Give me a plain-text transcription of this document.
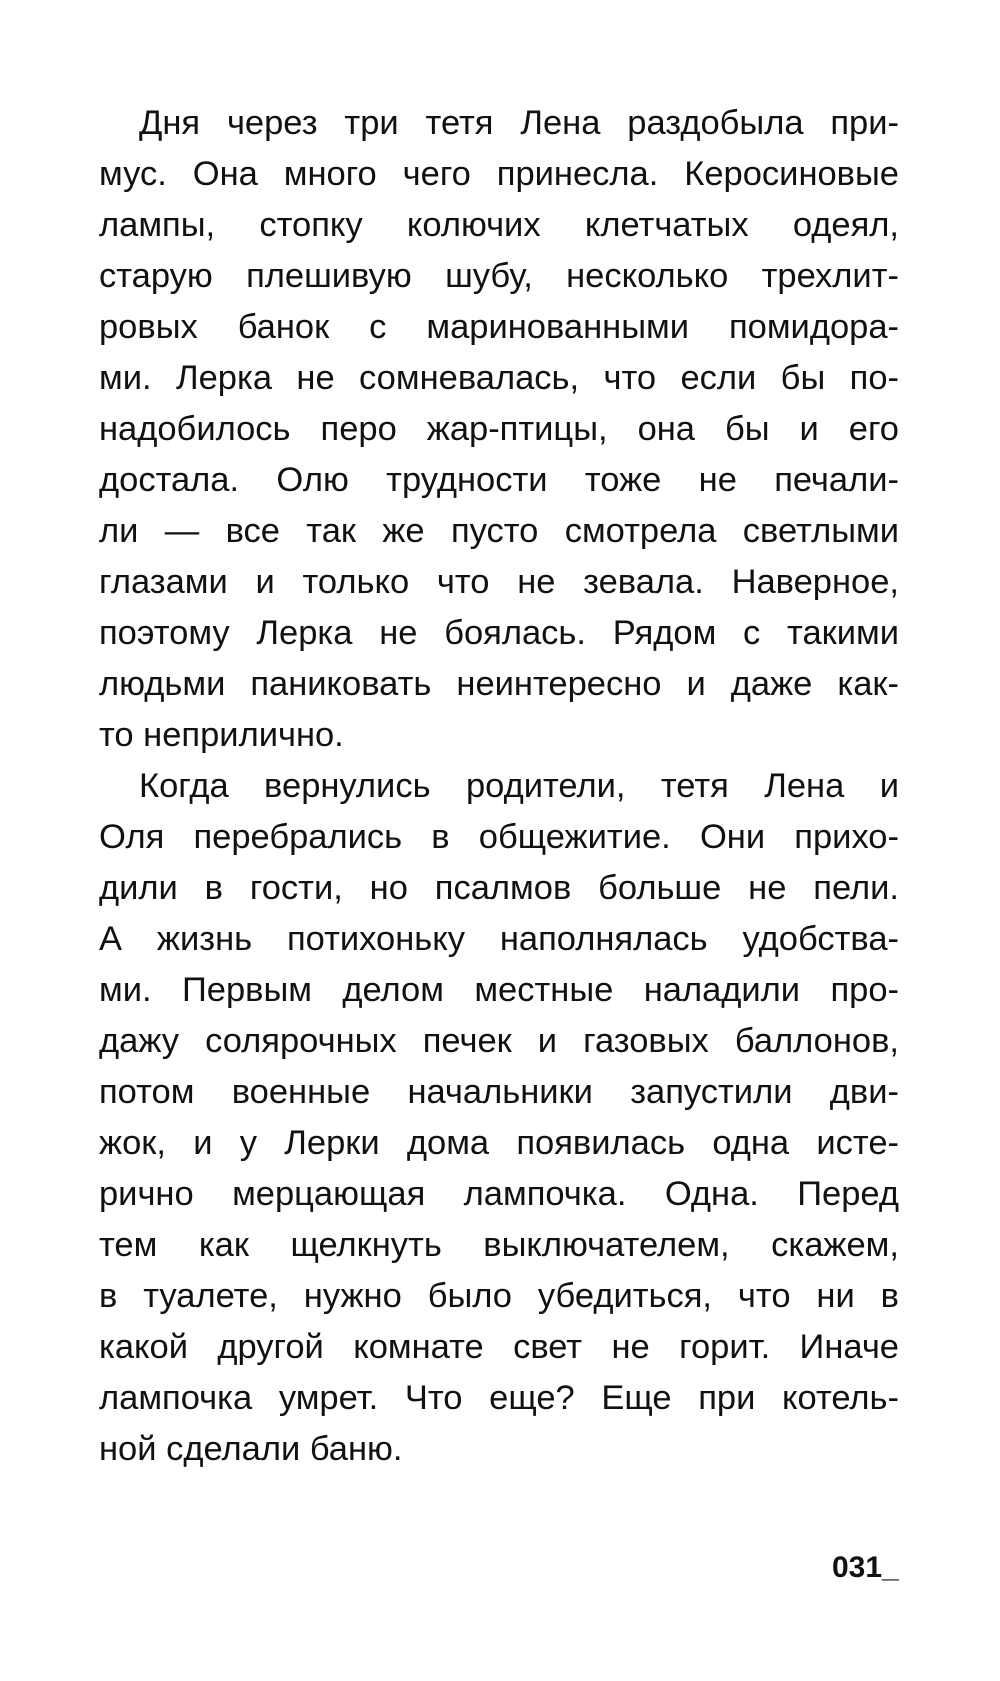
Дня через три тетя Лена раздобыла при-
мус. Она много чего принесла. Керосиновые
лампы, стопку колючих клетчатых одеял,
старую плешивую шубу, несколько трехлит-
ровых банок с маринованными помидора-
ми. Лерка не сомневалась, что если бы по-
надобилось перо жар-птицы, она бы и его
достала. Олю трудности тоже не печали-
ли — все так же пусто смотрела светлыми
глазами и только что не зевала. Наверное,
поэтому Лерка не боялась. Рядом с такими
людьми паниковать неинтересно и даже как-
то неприлично.

Когда вернулись родители, тетя Лена и
Оля перебрались в общежитие. Они прихо-
дили в гости, но псалмов больше не пели.
А жизнь потихоньку наполнялась удобства-
ми. Первым делом местные наладили про-
дажу солярочных печек и газовых баллонов,
потом военные начальники запустили дви-
жок, и у Лерки дома появилась одна исте-
рично мерцающая лампочка. Одна. Перед
тем как щелкнуть выключателем, скажем,
в туалете, нужно было убедиться, что ни в
какой другой комнате свет не горит. Иначе
лампочка умрет. Что еще? Еще при котель-
ной сделали баню.

031_
